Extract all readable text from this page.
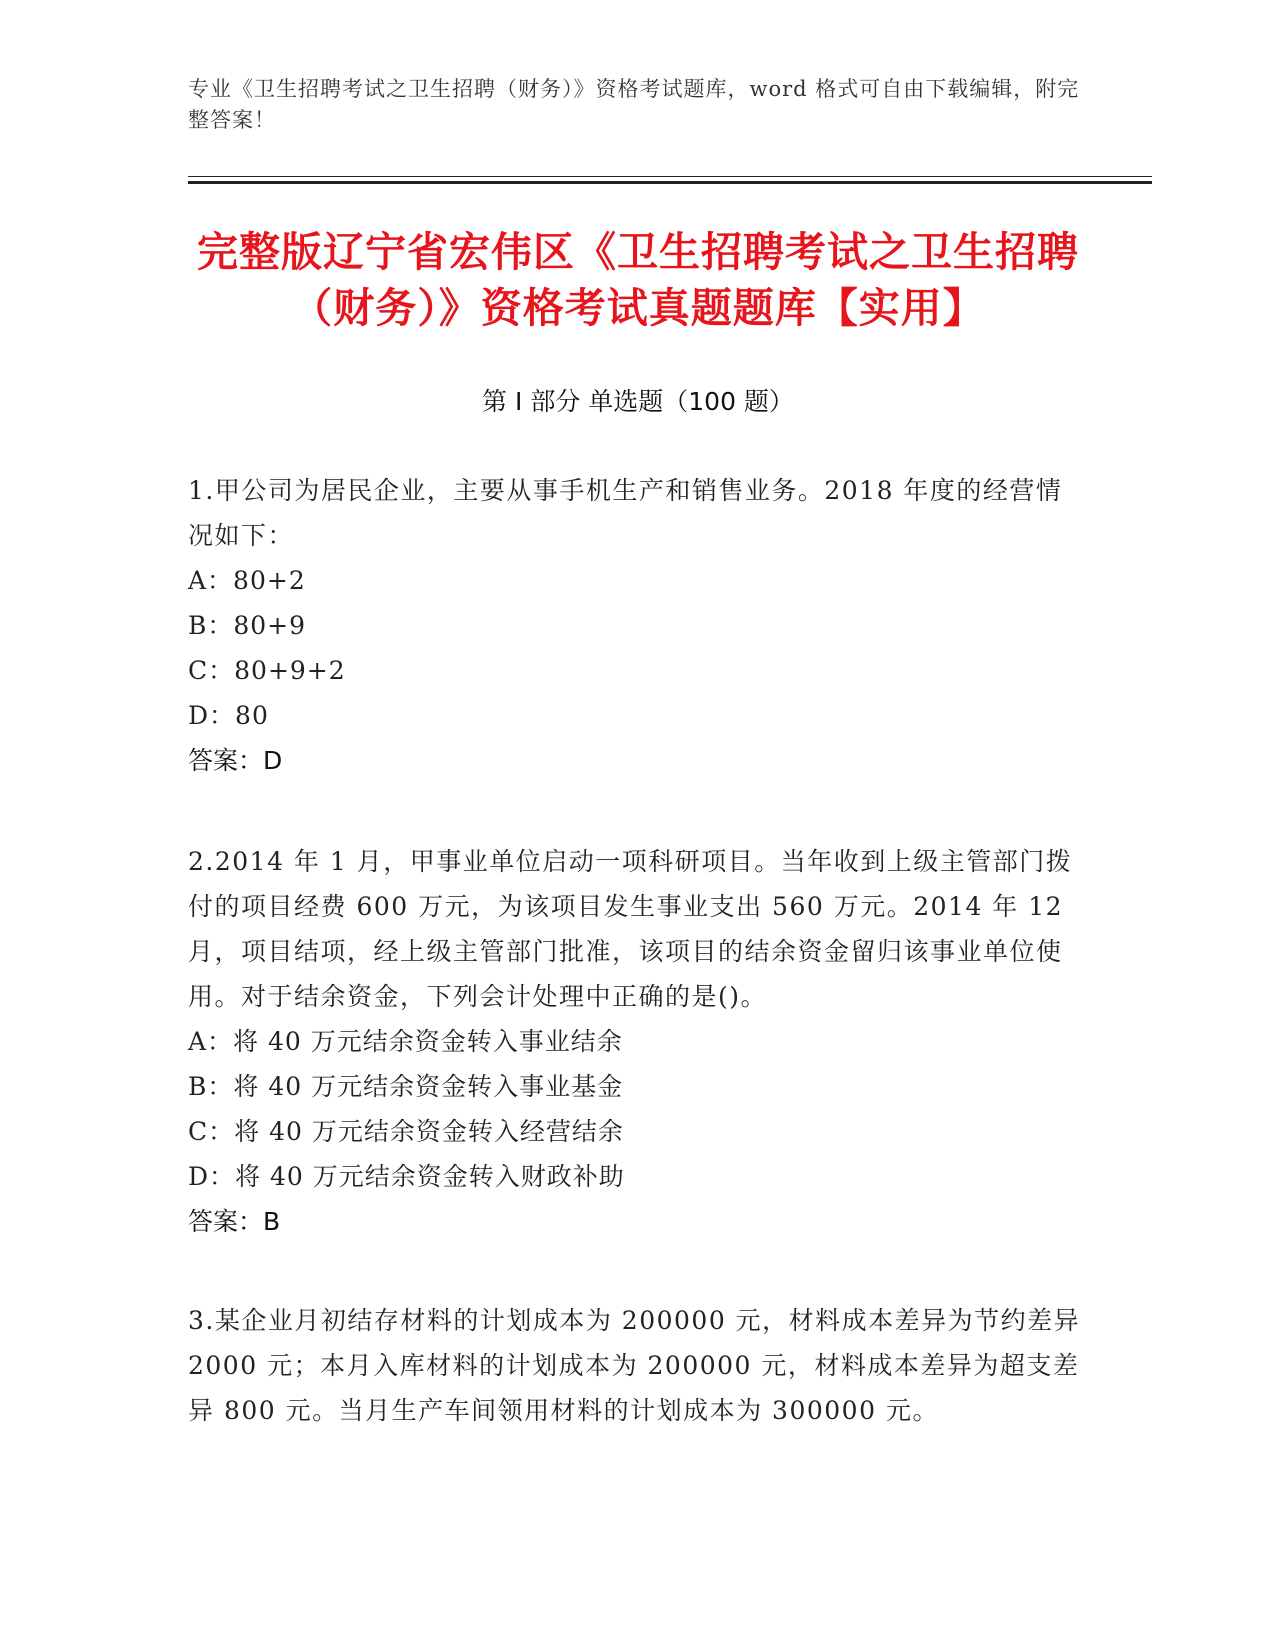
专业《卫生招聘考试之卫生招聘（财务）》资格考试题库，word 格式可自由下载编辑，附完整答案！
完整版辽宁省宏伟区《卫生招聘考试之卫生招聘（财务）》资格考试真题题库【实用】
第 I 部分 单选题（100 题）
1.甲公司为居民企业，主要从事手机生产和销售业务。2018 年度的经营情况如下：
A：80+2
B：80+9
C：80+9+2
D：80
答案：D
2.2014 年 1 月，甲事业单位启动一项科研项目。当年收到上级主管部门拨付的项目经费 600 万元，为该项目发生事业支出 560 万元。2014 年 12 月，项目结项，经上级主管部门批准，该项目的结余资金留归该事业单位使用。对于结余资金，下列会计处理中正确的是()。
A：将 40 万元结余资金转入事业结余
B：将 40 万元结余资金转入事业基金
C：将 40 万元结余资金转入经营结余
D：将 40 万元结余资金转入财政补助
答案：B
3.某企业月初结存材料的计划成本为 200000 元，材料成本差异为节约差异 2000 元；本月入库材料的计划成本为 200000 元，材料成本差异为超支差异 800 元。当月生产车间领用材料的计划成本为 300000 元。
